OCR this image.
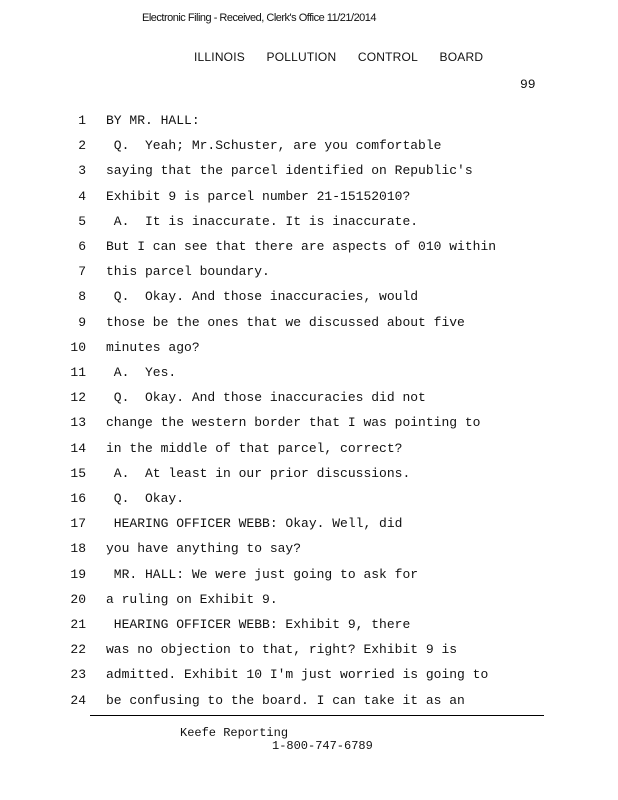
Electronic Filing - Received, Clerk's Office 11/21/2014
ILLINOIS POLLUTION CONTROL BOARD
99
1 BY MR. HALL:
2 Q.  Yeah; Mr.Schuster, are you comfortable
3 saying that the parcel identified on Republic's
4 Exhibit 9 is parcel number 21-15152010?
5 A.  It is inaccurate. It is inaccurate.
6 But I can see that there are aspects of 010 within
7 this parcel boundary.
8 Q.  Okay. And those inaccuracies, would
9 those be the ones that we discussed about five
10 minutes ago?
11 A.  Yes.
12 Q.  Okay. And those inaccuracies did not
13 change the western border that I was pointing to
14 in the middle of that parcel, correct?
15 A.  At least in our prior discussions.
16 Q.  Okay.
17 HEARING OFFICER WEBB: Okay. Well, did
18 you have anything to say?
19 MR. HALL: We were just going to ask for
20 a ruling on Exhibit 9.
21 HEARING OFFICER WEBB: Exhibit 9, there
22 was no objection to that, right? Exhibit 9 is
23 admitted. Exhibit 10 I'm just worried is going to
24 be confusing to the board. I can take it as an
Keefe Reporting
1-800-747-6789
